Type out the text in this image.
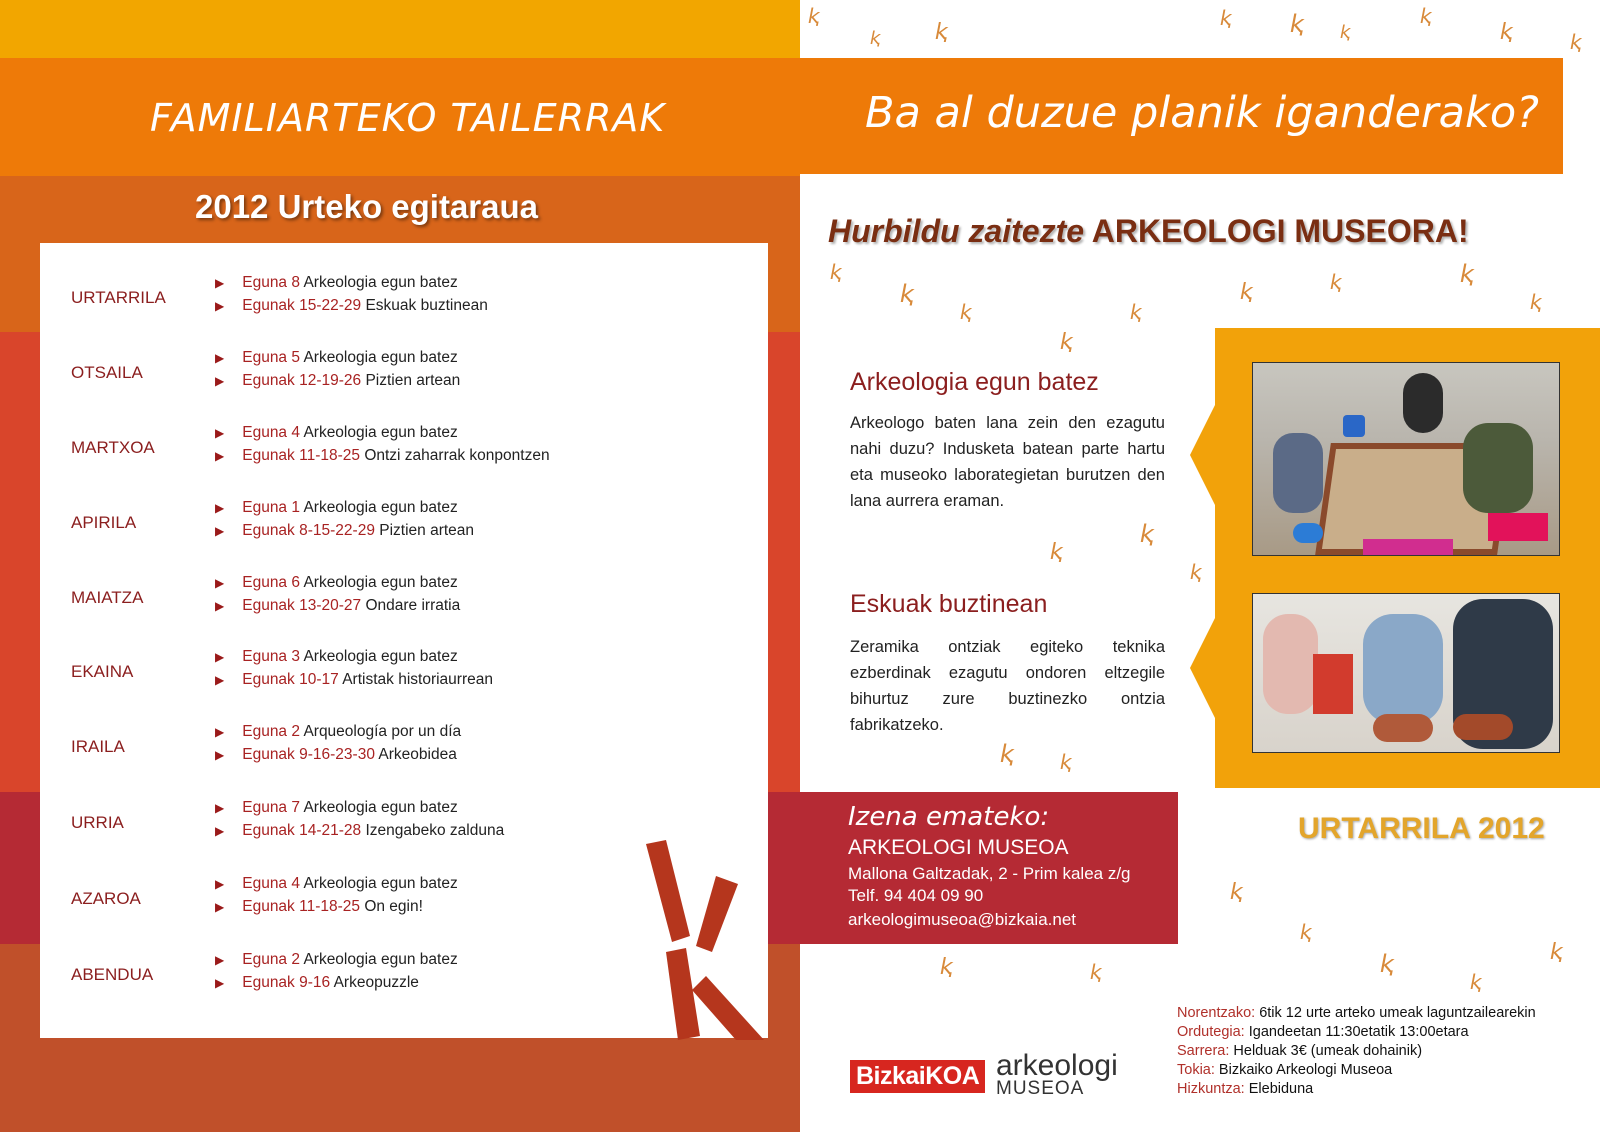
FAMILIARTEKO TAILERRAK
2012 Urteko egitaraua
URTARRILA
▶ Eguna 8 Arkeologia egun batez
▶ Egunak 15-22-29 Eskuak buztinean
OTSAILA
▶ Eguna 5 Arkeologia egun batez
▶ Egunak 12-19-26 Piztien artean
MARTXOA
▶ Eguna 4 Arkeologia egun batez
▶ Egunak 11-18-25 Ontzi zaharrak konpontzen
APIRILA
▶ Eguna 1 Arkeologia egun batez
▶ Egunak 8-15-22-29 Piztien artean
MAIATZA
▶ Eguna 6 Arkeologia egun batez
▶ Egunak 13-20-27 Ondare irratia
EKAINA
▶ Eguna 3 Arkeologia egun batez
▶ Egunak 10-17 Artistak historiaurrean
IRAILA
▶ Eguna 2 Arqueología por un día
▶ Egunak 9-16-23-30 Arkeobidea
URRIA
▶ Eguna 7 Arkeologia egun batez
▶ Egunak 14-21-28 Izengabeko zalduna
AZAROA
▶ Eguna 4 Arkeologia egun batez
▶ Egunak 11-18-25 On egin!
ABENDUA
▶ Eguna 2 Arkeologia egun batez
▶ Egunak 9-16 Arkeopuzzle
ⱪ
ⱪ ⱪ
ⱪ ⱪ ⱪ
ⱪ
ⱪ	ⱪ
ⱪ
ⱪ
ⱪ
ⱪ
ⱪ
ⱪ	ⱪ	ⱪ
ⱪ
ⱪ
ⱪ
ⱪ
ⱪ ⱪ
ⱪ
ⱪ
ⱪ
ⱪ
ⱪ
ⱪ	ⱪ
Ba al duzue planik iganderako?
Hurbildu zaitezte ARKEOLOGI MUSEORA!
Arkeologia egun batez
Arkeologo baten lana zein den ezagutu nahi duzu? Indusketa batean parte hartu eta museoko laborategietan burutzen den lana aurrera eraman.
Eskuak buztinean
Zeramika ontziak egiteko teknika ezberdinak ezagutu ondoren eltzegile bihurtuz zure buztinezko ontzia fabrikatzeko.
Izena emateko:
ARKEOLOGI MUSEOA
Mallona Galtzadak, 2 - Prim kalea z/g
Telf. 94 404 09 90
arkeologimuseoa@bizkaia.net
URTARRILA 2012
Norentzako: 6tik 12 urte arteko umeak laguntzailearekin
Ordutegia: Igandeetan 11:30etatik 13:00etara
Sarrera: Helduak 3€ (umeak dohainik)
Tokia: Bizkaiko Arkeologi Museoa
Hizkuntza: Elebiduna
BizkaiKOA arkeologi
MUSEOA
